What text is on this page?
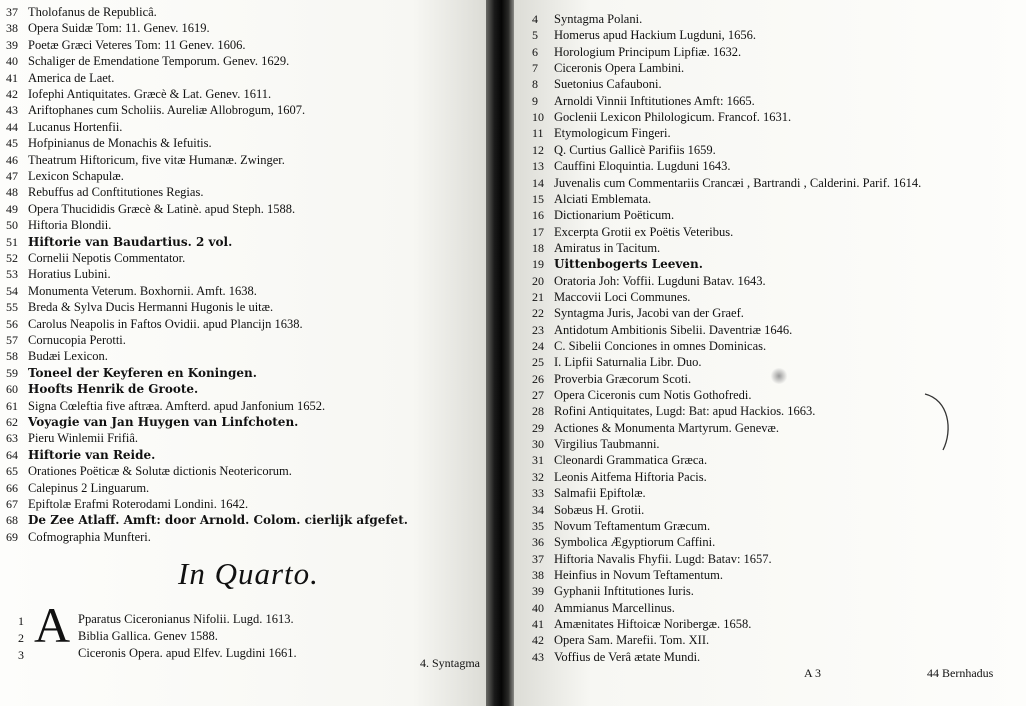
37 Tholofanus de Republicâ.
38 Opera Suidæ Tom: 11. Genev. 1619.
39 Poetæ Græci Veteres Tom: 11 Genev. 1606.
40 Schaliger de Emendatione Temporum. Genev. 1629.
41 America de Laet.
42 Iofephi Antiquitates. Græcè & Lat. Genev. 1611.
43 Ariftophanes cum Scholiis. Aureliæ Allobrogum, 1607.
44 Lucanus Hortenfii.
45 Hofpinianus de Monachis & Iefuitis.
46 Theatrum Hiftoricum, five vitæ Humanæ. Zwinger.
47 Lexicon Schapulæ.
48 Rebuffus ad Conftitutiones Regias.
49 Opera Thucididis Græcè & Latinè. apud Steph. 1588.
50 Hiftoria Blondii.
51 Hiftorie van Baudartius. 2 vol.
52 Cornelii Nepotis Commentator.
53 Horatius Lubini.
54 Monumenta Veterum. Boxhornii. Amft. 1638.
55 Breda & Sylva Ducis Hermanni Hugonis le uitæ.
56 Carolus Neapolis in Faftos Ovidii. apud Plancijn 1638.
57 Cornucopia Perotti.
58 Budæi Lexicon.
59 Toneel der Keyferen en Koningen.
60 Hoofts Henrik de Groote.
61 Signa Cœleftia five aftræa. Amfterd. apud Janfonium 1652.
62 Voyagie van Jan Huygen van Linfchoten.
63 Pieru Winlemii Frifiâ.
64 Hiftorie van Reide.
65 Orationes Poëticæ & Solutæ dictionis Neotericorum.
66 Calepinus 2 Linguarum.
67 Epiftolæ Erafmi Roterodami Londini. 1642.
68 De Zee Atlaff. Amft: door Arnold. Colom. cierlijk afgefet.
69 Cofmographia Munfteri.
In Quarto.
A
1
2
3
Pparatus Ciceronianus Nifolii. Lugd. 1613.
Biblia Gallica. Genev 1588.
Ciceronis Opera. apud Elfev. Lugdini 1661.
4. Syntagma
4 Syntagma Polani.
5 Homerus apud Hackium Lugduni, 1656.
6 Horologium Principum Lipfiæ. 1632.
7 Ciceronis Opera Lambini.
8 Suetonius Cafauboni.
9 Arnoldi Vinnii Inftitutiones Amft: 1665.
10 Goclenii Lexicon Philologicum. Francof. 1631.
11 Etymologicum Fingeri.
12 Q. Curtius Gallicè Parifiis 1659.
13 Cauffini Eloquintia. Lugduni 1643.
14 Juvenalis cum Commentariis Crancæi , Bartrandi , Calderini. Parif. 1614.
15 Alciati Emblemata.
16 Dictionarium Poëticum.
17 Excerpta Grotii ex Poëtis Veteribus.
18 Amiratus in Tacitum.
19 Uittenbogerts Leeven.
20 Oratoria Joh: Voffii. Lugduni Batav. 1643.
21 Maccovii Loci Communes.
22 Syntagma Juris, Jacobi van der Graef.
23 Antidotum Ambitionis Sibelii. Daventriæ 1646.
24 C. Sibelii Conciones in omnes Dominicas.
25 I. Lipfii Saturnalia Libr. Duo.
26 Proverbia Græcorum Scoti.
27 Opera Ciceronis cum Notis Gothofredi.
28 Rofini Antiquitates, Lugd: Bat: apud Hackios. 1663.
29 Actiones & Monumenta Martyrum. Genevæ.
30 Virgilius Taubmanni.
31 Cleonardi Grammatica Græca.
32 Leonis Aitfema Hiftoria Pacis.
33 Salmafii Epiftolæ.
34 Sobæus H. Grotii.
35 Novum Teftamentum Græcum.
36 Symbolica Ægyptiorum Caffini.
37 Hiftoria Navalis Fhyfii. Lugd: Batav: 1657.
38 Heinfius in Novum Teftamentum.
39 Gyphanii Inftitutiones Iuris.
40 Ammianus Marcellinus.
41 Amænitates Hiftoicæ Noribergæ. 1658.
42 Opera Sam. Marefii. Tom. XII.
43 Voffius de Verâ ætate Mundi.
A 3	44 Bernhadus
